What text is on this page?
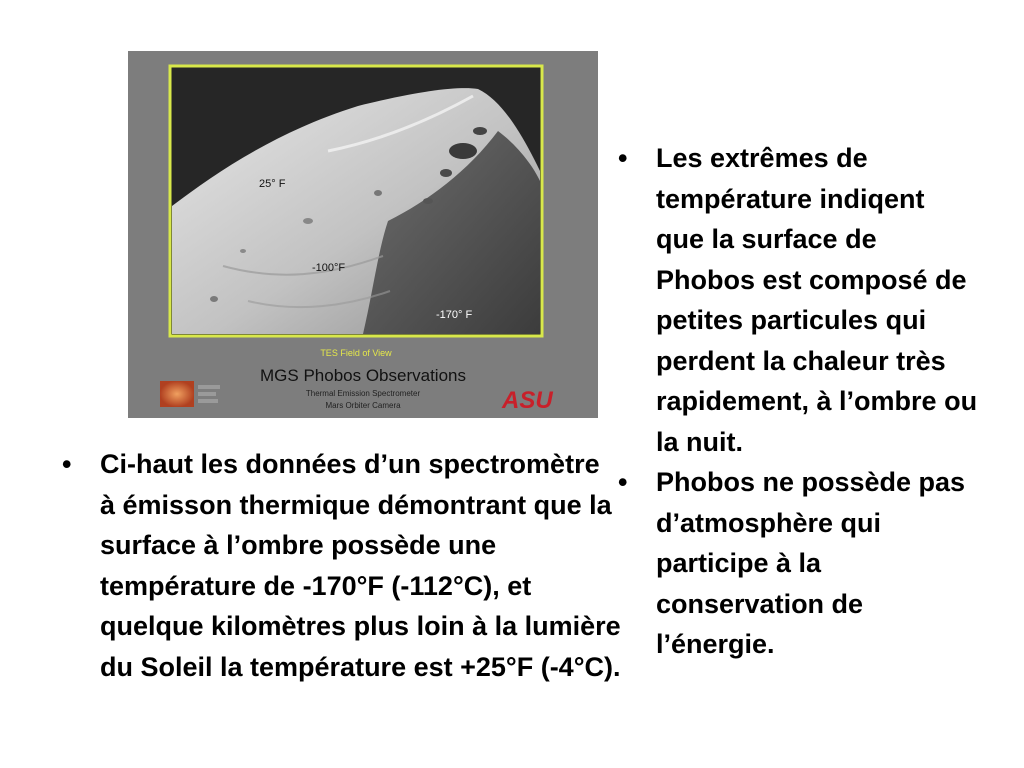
25° F
-100°F
-170° F
TES Field of View
MGS Phobos Observations
Thermal Emission Spectrometer
Mars Orbiter Camera	ASU
• Les extrêmes de température indiqent que la surface de Phobos est composé de petites particules qui perdent la chaleur très rapidement, à l’ombre ou la nuit.
• Phobos ne possède pas d’atmosphère qui participe à la conservation de l’énergie.
• Ci-haut les données d’un spectromètre à émisson thermique démontrant que la surface à l’ombre possède une température de -170°F (-112°C), et quelque kilomètres plus loin à la lumière du Soleil la température est +25°F (-4°C).
